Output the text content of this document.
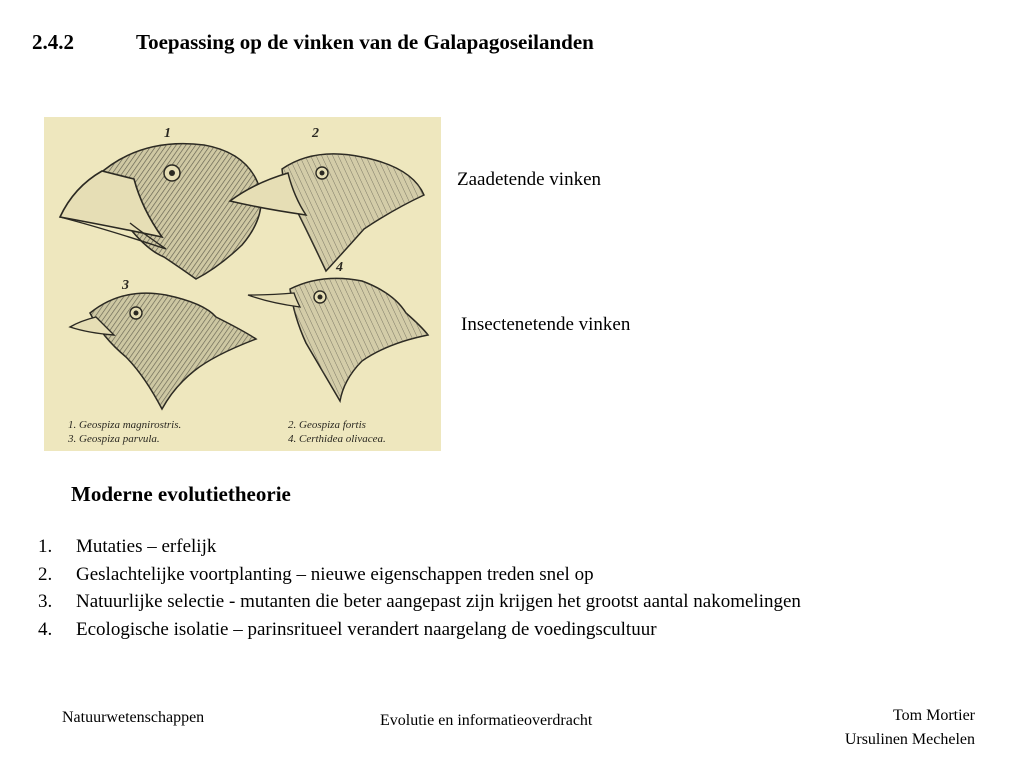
2.4.2	Toepassing op de vinken van de Galapagoseilanden
1	2
3
4
1. Geospiza magnirostris.	2. Geospiza fortis
3. Geospiza parvula.	4. Certhidea olivacea.
Zaadetende vinken
Insectenetende vinken
Moderne evolutietheorie
1.	Mutaties – erfelijk
2.	Geslachtelijke voortplanting – nieuwe eigenschappen treden snel op
3.	Natuurlijke selectie - mutanten die beter aangepast zijn krijgen het grootst aantal nakomelingen
4.	Ecologische isolatie – parinsritueel verandert naargelang de voedingscultuur
Natuurwetenschappen	Evolutie en informatieoverdracht	Tom Mortier
Ursulinen Mechelen
